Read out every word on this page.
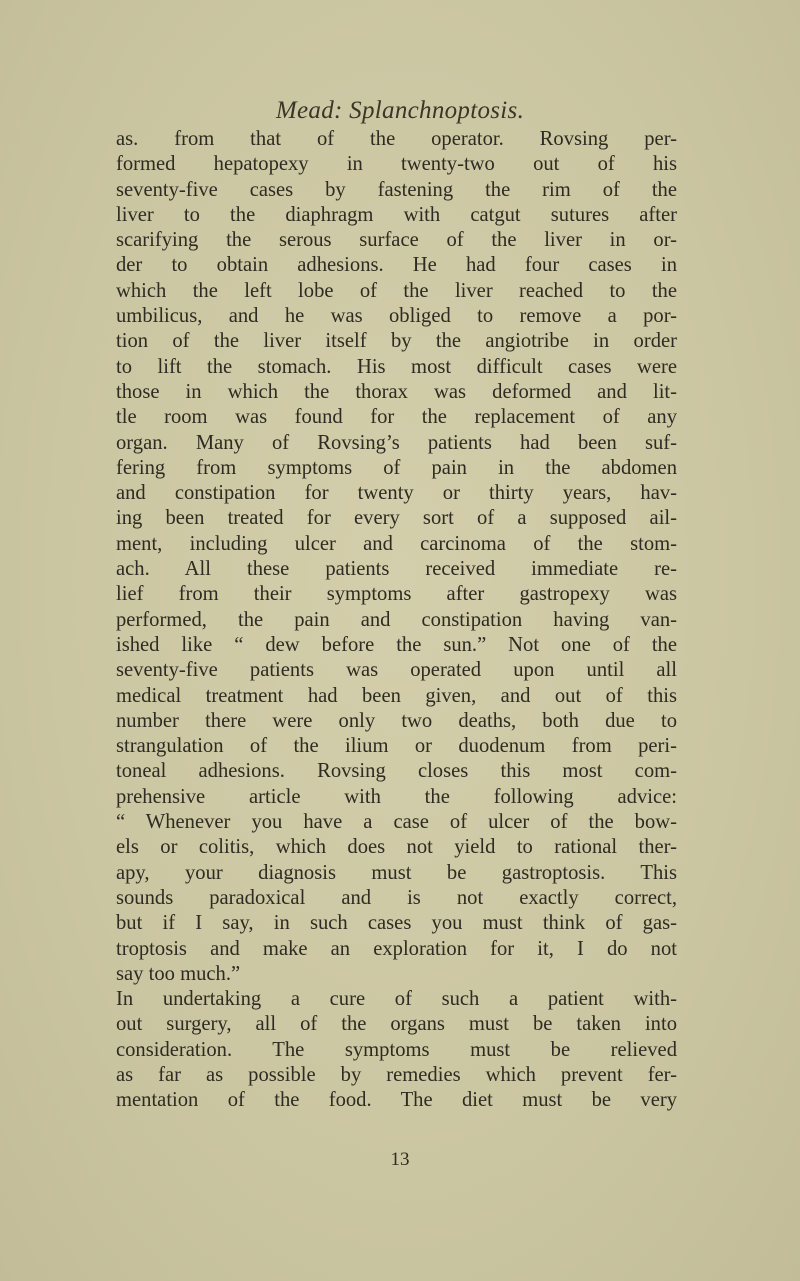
Mead: Splanchnoptosis.
as. from that of the operator. Rovsing per-
formed hepatopexy in twenty-two out of his
seventy-five cases by fastening the rim of the
liver to the diaphragm with catgut sutures after
scarifying the serous surface of the liver in or-
der to obtain adhesions. He had four cases in
which the left lobe of the liver reached to the
umbilicus, and he was obliged to remove a por-
tion of the liver itself by the angiotribe in order
to lift the stomach. His most difficult cases were
those in which the thorax was deformed and lit-
tle room was found for the replacement of any
organ. Many of Rovsing’s patients had been suf-
fering from symptoms of pain in the abdomen
and constipation for twenty or thirty years, hav-
ing been treated for every sort of a supposed ail-
ment, including ulcer and carcinoma of the stom-
ach. All these patients received immediate re-
lief from their symptoms after gastropexy was
performed, the pain and constipation having van-
ished like “ dew before the sun.” Not one of the
seventy-five patients was operated upon until all
medical treatment had been given, and out of this
number there were only two deaths, both due to
strangulation of the ilium or duodenum from peri-
toneal adhesions. Rovsing closes this most com-
prehensive article with the following advice:
“ Whenever you have a case of ulcer of the bow-
els or colitis, which does not yield to rational ther-
apy, your diagnosis must be gastroptosis. This
sounds paradoxical and is not exactly correct,
but if I say, in such cases you must think of gas-
troptosis and make an exploration for it, I do not
say too much.”
In undertaking a cure of such a patient with-
out surgery, all of the organs must be taken into
consideration. The symptoms must be relieved
as far as possible by remedies which prevent fer-
mentation of the food. The diet must be very
13
